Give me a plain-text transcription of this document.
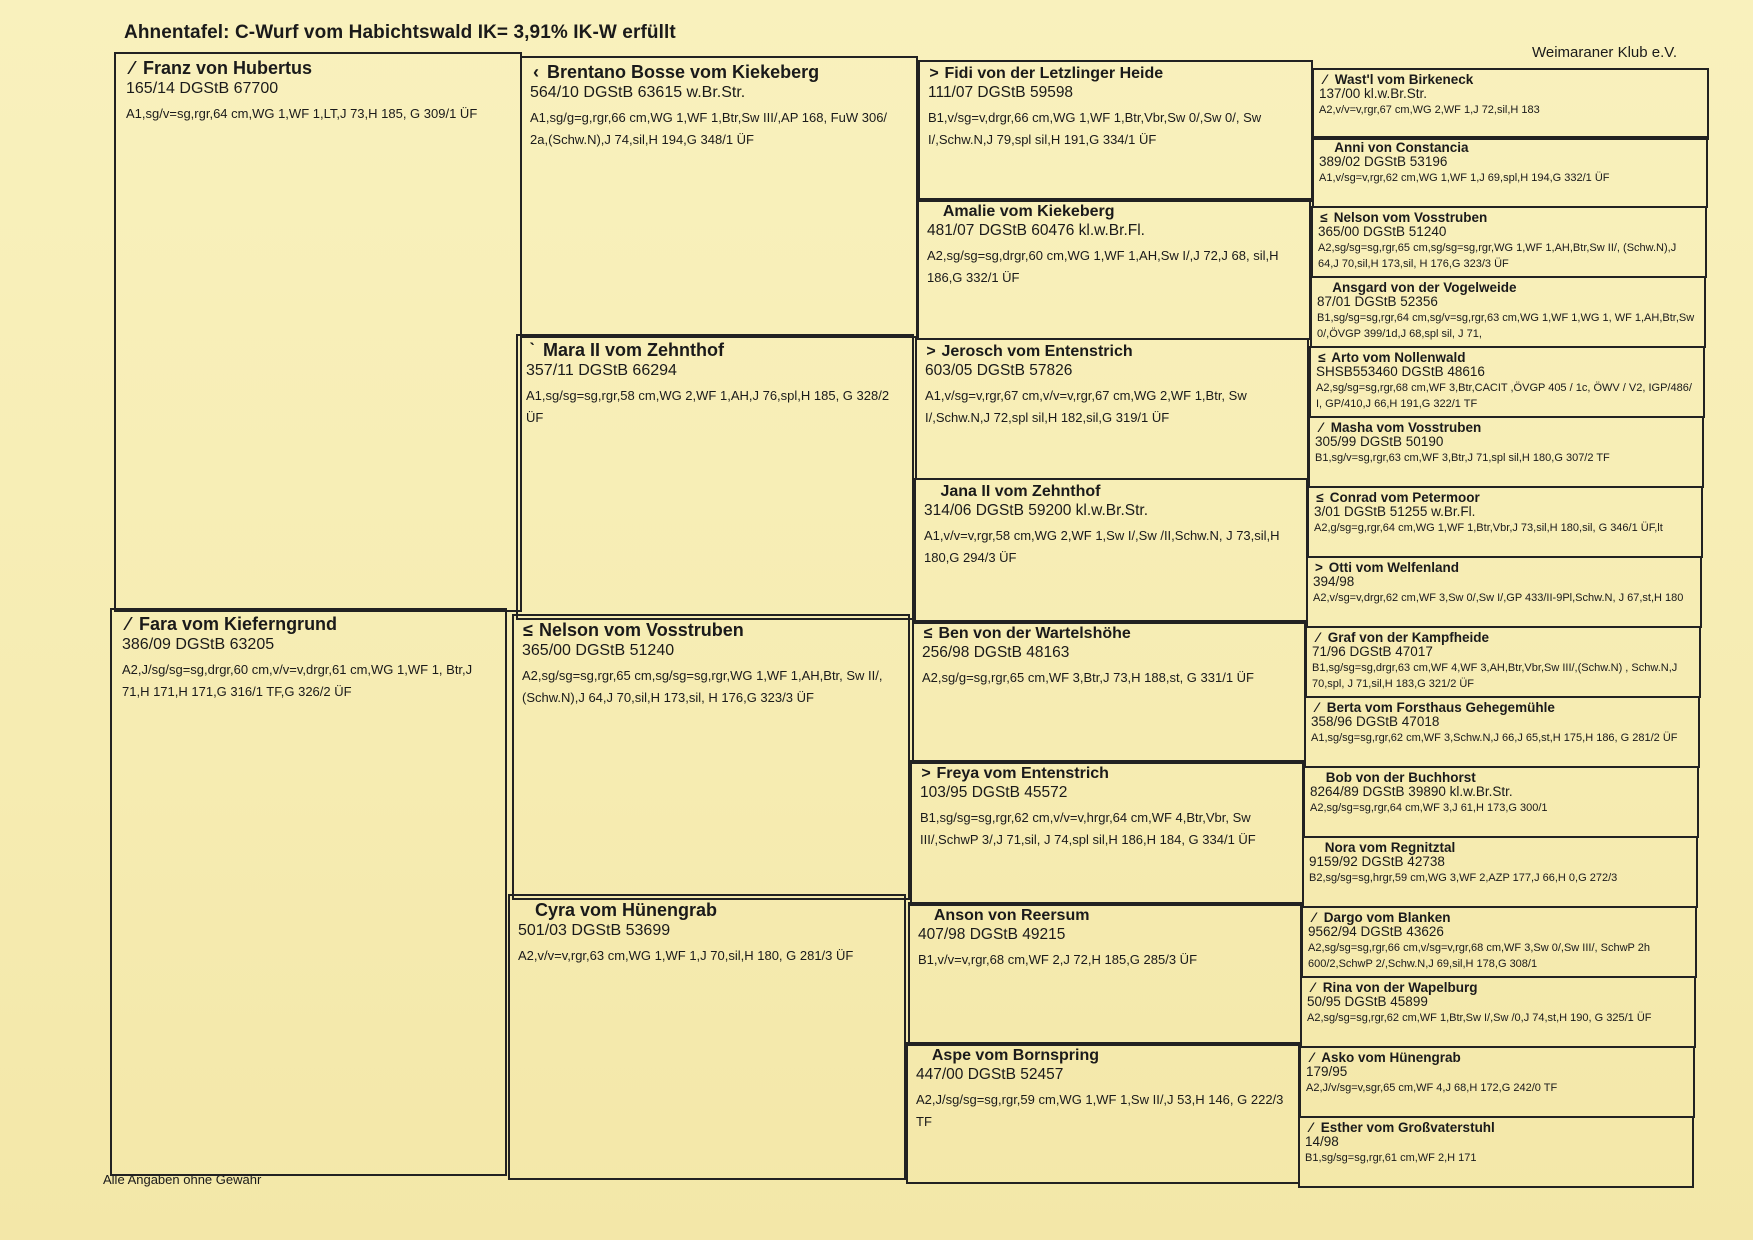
Ahnentafel: C-Wurf vom Habichtswald IK= 3,91% IK-W erfüllt
Weimaraner Klub e.V.
Alle Angaben ohne Gewähr
⁄ Franz von Hubertus
165/14 DGStB 67700
A1,sg/v=sg,rgr,64 cm,WG 1,WF 1,LT,J 73,H 185, G 309/1 ÜF
⁄ Fara vom Kieferngrund
386/09 DGStB 63205
A2,J/sg/sg=sg,drgr,60 cm,v/v=v,drgr,61 cm,WG 1,WF 1, Btr,J 71,H 171,H 171,G 316/1 TF,G 326/2 ÜF
‹ Brentano Bosse vom Kiekeberg
564/10 DGStB 63615 w.Br.Str.
A1,sg/g=g,rgr,66 cm,WG 1,WF 1,Btr,Sw III/,AP 168, FuW 306/ 2a,(Schw.N),J 74,sil,H 194,G 348/1 ÜF
ˋ Mara II vom Zehnthof
357/11 DGStB 66294
A1,sg/sg=sg,rgr,58 cm,WG 2,WF 1,AH,J 76,spl,H 185, G 328/2 ÜF
≤ Nelson vom Vosstruben
365/00 DGStB 51240
A2,sg/sg=sg,rgr,65 cm,sg/sg=sg,rgr,WG 1,WF 1,AH,Btr, Sw II/,(Schw.N),J 64,J 70,sil,H 173,sil, H 176,G 323/3 ÜF
Cyra vom Hünengrab
501/03 DGStB 53699
A2,v/v=v,rgr,63 cm,WG 1,WF 1,J 70,sil,H 180, G 281/3 ÜF
> Fidi von der Letzlinger Heide
111/07 DGStB 59598
B1,v/sg=v,drgr,66 cm,WG 1,WF 1,Btr,Vbr,Sw 0/,Sw 0/, Sw I/,Schw.N,J 79,spl sil,H 191,G 334/1 ÜF
Amalie vom Kiekeberg
481/07 DGStB 60476 kl.w.Br.Fl.
A2,sg/sg=sg,drgr,60 cm,WG 1,WF 1,AH,Sw I/,J 72,J 68, sil,H 186,G 332/1 ÜF
> Jerosch vom Entenstrich
603/05 DGStB 57826
A1,v/sg=v,rgr,67 cm,v/v=v,rgr,67 cm,WG 2,WF 1,Btr, Sw I/,Schw.N,J 72,spl sil,H 182,sil,G 319/1 ÜF
Jana II vom Zehnthof
314/06 DGStB 59200 kl.w.Br.Str.
A1,v/v=v,rgr,58 cm,WG 2,WF 1,Sw I/,Sw /II,Schw.N, J 73,sil,H 180,G 294/3 ÜF
≤ Ben von der Wartelshöhe
256/98 DGStB 48163
A2,sg/g=sg,rgr,65 cm,WF 3,Btr,J 73,H 188,st, G 331/1 ÜF
> Freya vom Entenstrich
103/95 DGStB 45572
B1,sg/sg=sg,rgr,62 cm,v/v=v,hrgr,64 cm,WF 4,Btr,Vbr, Sw III/,SchwP 3/,J 71,sil, J 74,spl sil,H 186,H 184, G 334/1 ÜF
Anson von Reersum
407/98 DGStB 49215
B1,v/v=v,rgr,68 cm,WF 2,J 72,H 185,G 285/3 ÜF
Aspe vom Bornspring
447/00 DGStB 52457
A2,J/sg/sg=sg,rgr,59 cm,WG 1,WF 1,Sw II/,J 53,H 146, G 222/3 TF
⁄ Wast'l vom Birkeneck
137/00 kl.w.Br.Str.
A2,v/v=v,rgr,67 cm,WG 2,WF 1,J 72,sil,H 183
Anni von Constancia
389/02 DGStB 53196
A1,v/sg=v,rgr,62 cm,WG 1,WF 1,J 69,spl,H 194,G 332/1 ÜF
≤ Nelson vom Vosstruben
365/00 DGStB 51240
A2,sg/sg=sg,rgr,65 cm,sg/sg=sg,rgr,WG 1,WF 1,AH,Btr,Sw II/, (Schw.N),J 64,J 70,sil,H 173,sil, H 176,G 323/3 ÜF
Ansgard von der Vogelweide
87/01 DGStB 52356
B1,sg/sg=sg,rgr,64 cm,sg/v=sg,rgr,63 cm,WG 1,WF 1,WG 1, WF 1,AH,Btr,Sw 0/,ÖVGP 399/1d,J 68,spl sil, J 71,
≤ Arto vom Nollenwald
SHSB553460 DGStB 48616
A2,sg/sg=sg,rgr,68 cm,WF 3,Btr,CACIT ,ÖVGP 405 / 1c, ÖWV / V2, IGP/486/ I, GP/410,J 66,H 191,G 322/1 TF
⁄ Masha vom Vosstruben
305/99 DGStB 50190
B1,sg/v=sg,rgr,63 cm,WF 3,Btr,J 71,spl sil,H 180,G 307/2 TF
≤ Conrad vom Petermoor
3/01 DGStB 51255 w.Br.Fl.
A2,g/sg=g,rgr,64 cm,WG 1,WF 1,Btr,Vbr,J 73,sil,H 180,sil, G 346/1 ÜF,lt
> Otti vom Welfenland
394/98
A2,v/sg=v,drgr,62 cm,WF 3,Sw 0/,Sw I/,GP 433/II-9Pl,Schw.N, J 67,st,H 180
⁄ Graf von der Kampfheide
71/96 DGStB 47017
B1,sg/sg=sg,drgr,63 cm,WF 4,WF 3,AH,Btr,Vbr,Sw III/,(Schw.N) , Schw.N,J 70,spl, J 71,sil,H 183,G 321/2 ÜF
⁄ Berta vom Forsthaus Gehegemühle
358/96 DGStB 47018
A1,sg/sg=sg,rgr,62 cm,WF 3,Schw.N,J 66,J 65,st,H 175,H 186, G 281/2 ÜF
Bob von der Buchhorst
8264/89 DGStB 39890 kl.w.Br.Str.
A2,sg/sg=sg,rgr,64 cm,WF 3,J 61,H 173,G 300/1
Nora vom Regnitztal
9159/92 DGStB 42738
B2,sg/sg=sg,hrgr,59 cm,WG 3,WF 2,AZP 177,J 66,H 0,G 272/3
⁄ Dargo vom Blanken
9562/94 DGStB 43626
A2,sg/sg=sg,rgr,66 cm,v/sg=v,rgr,68 cm,WF 3,Sw 0/,Sw III/, SchwP 2h 600/2,SchwP 2/,Schw.N,J 69,sil,H 178,G 308/1
⁄ Rina von der Wapelburg
50/95 DGStB 45899
A2,sg/sg=sg,rgr,62 cm,WF 1,Btr,Sw I/,Sw /0,J 74,st,H 190, G 325/1 ÜF
⁄ Asko vom Hünengrab
179/95
A2,J/v/sg=v,sgr,65 cm,WF 4,J 68,H 172,G 242/0 TF
⁄ Esther vom Großvaterstuhl
14/98
B1,sg/sg=sg,rgr,61 cm,WF 2,H 171
